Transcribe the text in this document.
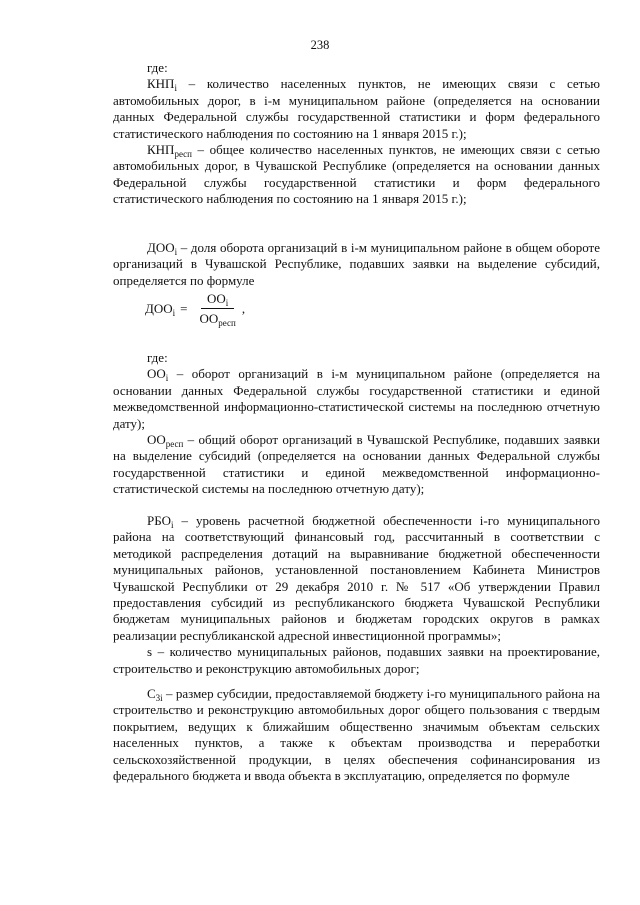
238

где:

$КНП_i$ – количество населенных пунктов, не имеющих связи с сетью автомобильных дорог, в i-м муниципальном районе (определяется на основании данных Федеральной службы государственной статистики и форм федерального статистического наблюдения по состоянию на 1 января 2015 г.);

$КНП_{респ}$ – общее количество населенных пунктов, не имеющих связи с сетью автомобильных дорог, в Чувашской Республике (определяется на основании данных Федеральной службы государственной статистики и форм федерального статистического наблюдения по состоянию на 1 января 2015 г.);

$ДОО_i$ – доля оборота организаций в i-м муниципальном районе в общем обороте организаций в Чувашской Республике, подавших заявки на выделение субсидий, определяется по формуле

$ДОО_i = \frac{ОО_i}{ОО_{респ}}$ ,

где:

$ОО_i$ – оборот организаций в i-м муниципальном районе (определяется на основании данных Федеральной службы государственной статистики и единой межведомственной информационно-статистической системы на последнюю отчетную дату);

$ОО_{респ}$ – общий оборот организаций в Чувашской Республике, подавших заявки на выделение субсидий (определяется на основании данных Федеральной службы государственной статистики и единой межведомственной информационно-статистической системы на последнюю отчетную дату);

$РБО_i$ – уровень расчетной бюджетной обеспеченности i-го муниципального района на соответствующий финансовый год, рассчитанный в соответствии с методикой распределения дотаций на выравнивание бюджетной обеспеченности муниципальных районов, установленной постановлением Кабинета Министров Чувашской Республики от 29 декабря 2010 г. № 517 «Об утверждении Правил предоставления субсидий из республиканского бюджета Чувашской Республики бюджетам муниципальных районов и бюджетам городских округов в рамках реализации республиканской адресной инвестиционной программы»;

s – количество муниципальных районов, подавших заявки на проектирование, строительство и реконструкцию автомобильных дорог;

$С_{3i}$ – размер субсидии, предоставляемой бюджету i-го муниципального района на строительство и реконструкцию автомобильных дорог общего пользования с твердым покрытием, ведущих к ближайшим общественно значимым объектам сельских населенных пунктов, а также к объектам производства и переработки сельскохозяйственной продукции, в целях обеспечения софинансирования из федерального бюджета и ввода объекта в эксплуатацию, определяется по формуле
